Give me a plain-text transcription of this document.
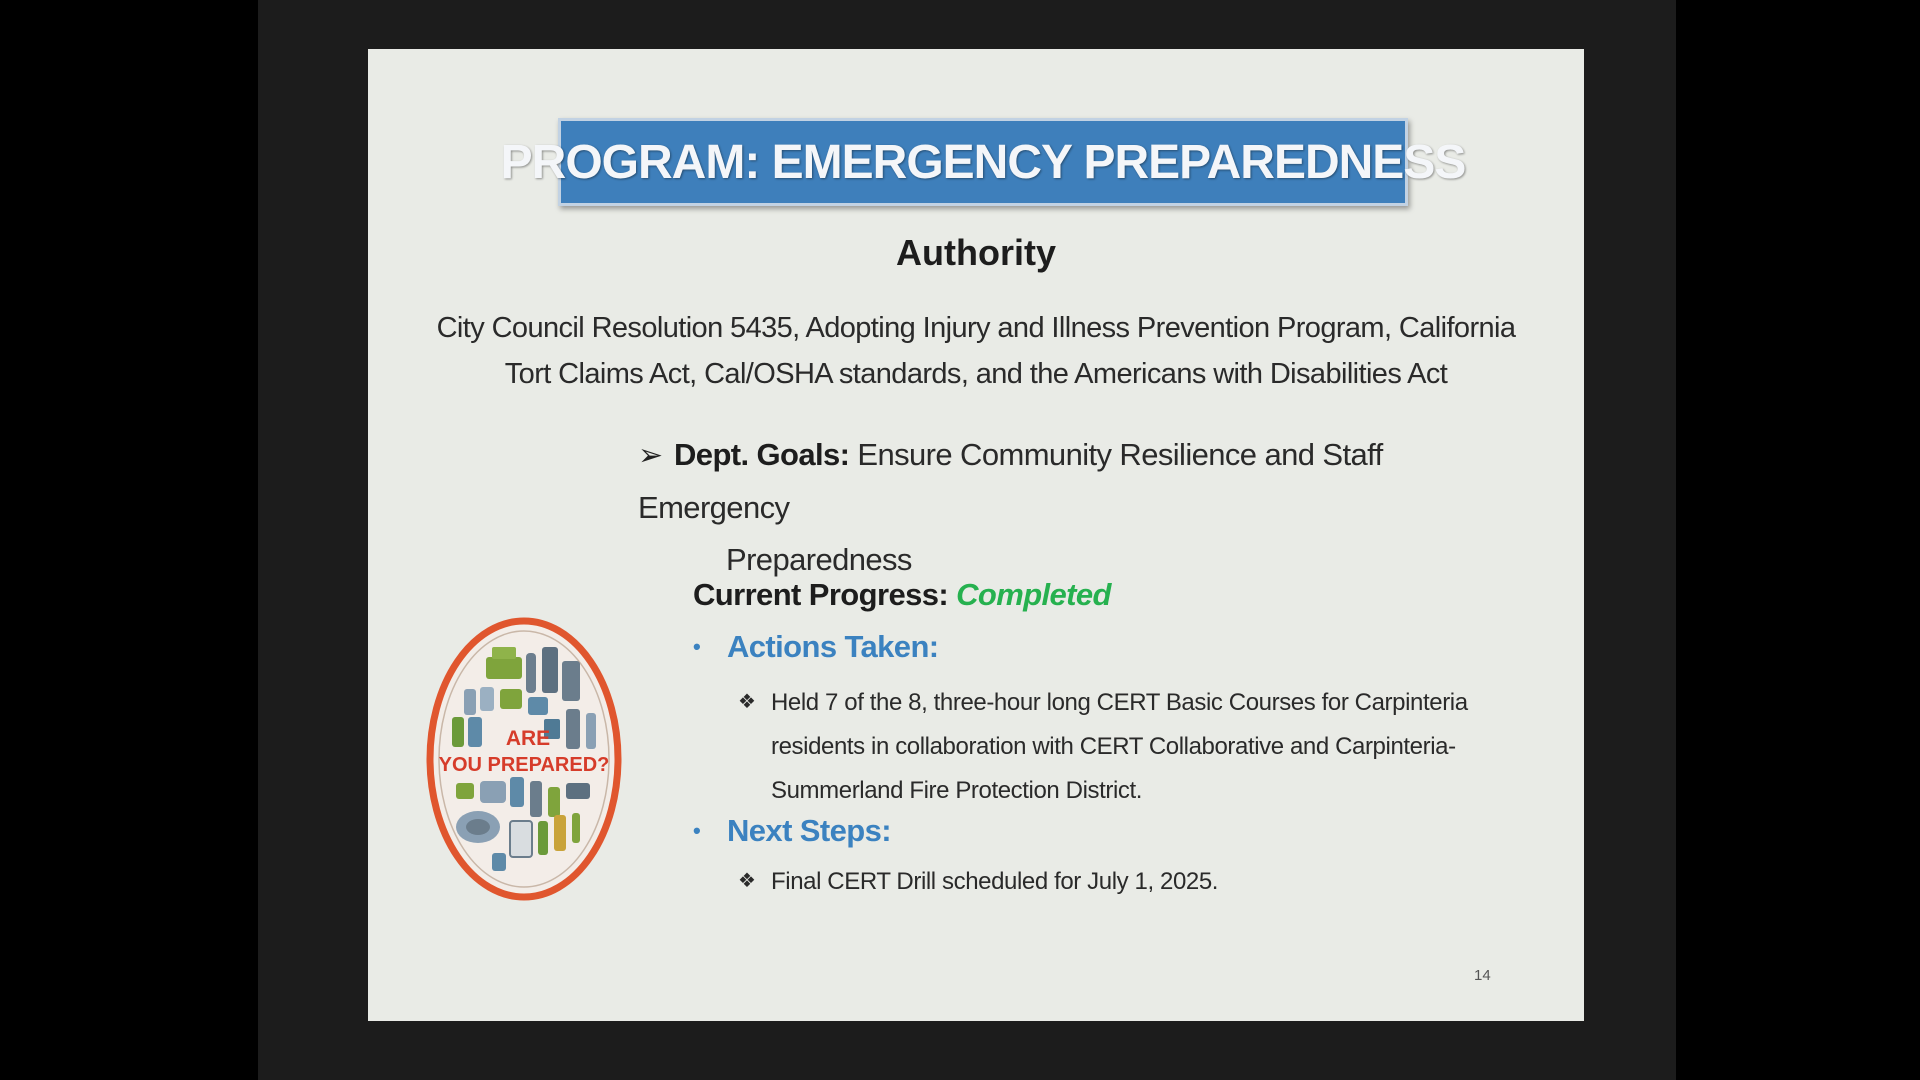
PROGRAM: EMERGENCY PREPAREDNESS
Authority
City Council Resolution 5435, Adopting Injury and Illness Prevention Program, California
Tort Claims Act, Cal/OSHA standards, and the Americans with Disabilities Act
➢ Dept. Goals: Ensure Community Resilience and Staff Emergency
Preparedness
Current Progress: Completed
• Actions Taken:
❖ Held 7 of the 8, three-hour long CERT Basic Courses for Carpinteria
residents in collaboration with CERT Collaborative and Carpinteria-
Summerland Fire Protection District.
• Next Steps:
❖ Final CERT Drill scheduled for July 1, 2025.
ARE
YOU PREPARED?
14
